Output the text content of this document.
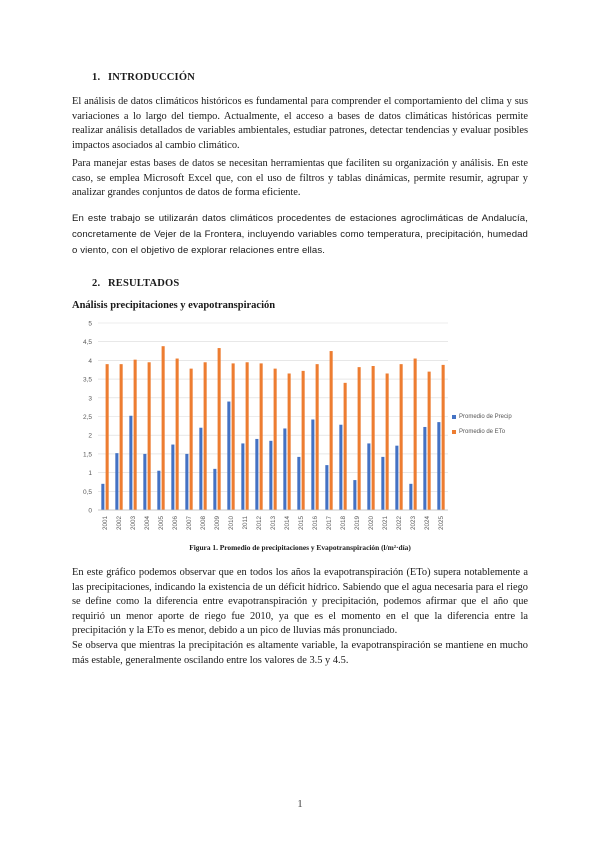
1. INTRODUCCIÓN

El análisis de datos climáticos históricos es fundamental para comprender el comportamiento del clima y sus variaciones a lo largo del tiempo. Actualmente, el acceso a bases de datos climáticas históricas permite realizar análisis detallados de variables ambientales, estudiar patrones, detectar tendencias y evaluar posibles impactos asociados al cambio climático.

Para manejar estas bases de datos se necesitan herramientas que faciliten su organización y análisis. En este caso, se emplea Microsoft Excel que, con el uso de filtros y tablas dinámicas, permite resumir, agrupar y analizar grandes conjuntos de datos de forma eficiente.

En este trabajo se utilizarán datos climáticos procedentes de estaciones agroclimáticas de Andalucía, concretamente de Vejer de la Frontera, incluyendo variables como temperatura, precipitación, humedad o viento, con el objetivo de explorar relaciones entre ellas.

2. RESULTADOS
Análisis precipitaciones y evapotranspiración
0
0,5
1
1,5
2
2,5
3
3,5
4
4,5
5
2001 2002 2003 2004 2005 2006 2007 2008 2009 2010 2011 2012 2013 2014 2015 2016 2017 2018 2019 2020 2021 2022 2023 2024 2025
Promedio de Precip
Promedio de ETo
Figura 1. Promedio de precipitaciones y Evapotranspiración (l/m²·día)

En este gráfico podemos observar que en todos los años la evapotranspiración (ETo) supera notablemente a las precipitaciones, indicando la existencia de un déficit hídrico. Sabiendo que el agua necesaria para el riego se define como la diferencia entre evapotranspiración y precipitación, podemos afirmar que el año que requirió un menor aporte de riego fue 2010, ya que es el momento en el que la diferencia entre la precipitación y la ETo es menor, debido a un pico de lluvias más pronunciado.

Se observa que mientras la precipitación es altamente variable, la evapotranspiración se mantiene en mucho más estable, generalmente oscilando entre los valores de 3.5 y 4.5.

1
